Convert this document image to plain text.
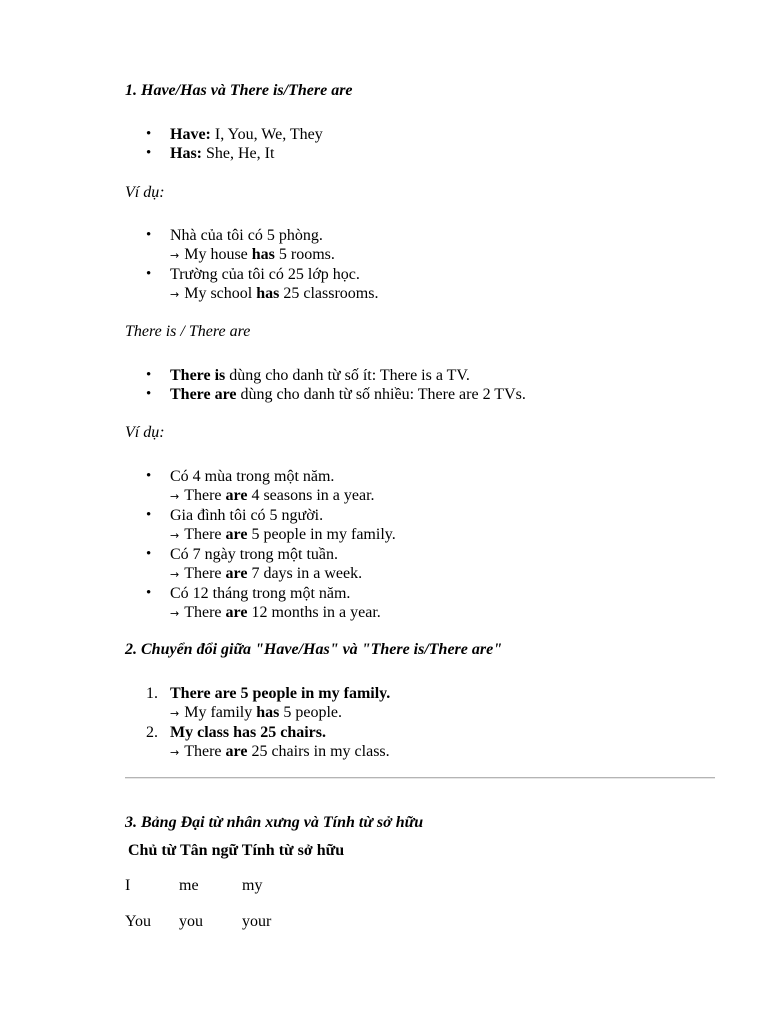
1. Have/Has và There is/There are
• Have: I, You, We, They
• Has: She, He, It
Ví dụ:
• Nhà của tôi có 5 phòng.
→ My house has 5 rooms.
• Trường của tôi có 25 lớp học.
→ My school has 25 classrooms.
There is / There are
• There is dùng cho danh từ số ít: There is a TV.
• There are dùng cho danh từ số nhiều: There are 2 TVs.
Ví dụ:
• Có 4 mùa trong một năm.
→ There are 4 seasons in a year.
• Gia đình tôi có 5 người.
→ There are 5 people in my family.
• Có 7 ngày trong một tuần.
→ There are 7 days in a week.
• Có 12 tháng trong một năm.
→ There are 12 months in a year.
2. Chuyển đổi giữa "Have/Has" và "There is/There are"
1. There are 5 people in my family.
→ My family has 5 people.
2. My class has 25 chairs.
→ There are 25 chairs in my class.
3. Bảng Đại từ nhân xưng và Tính từ sở hữu
Chủ từ Tân ngữ Tính từ sở hữu
I	me	my
You you your
